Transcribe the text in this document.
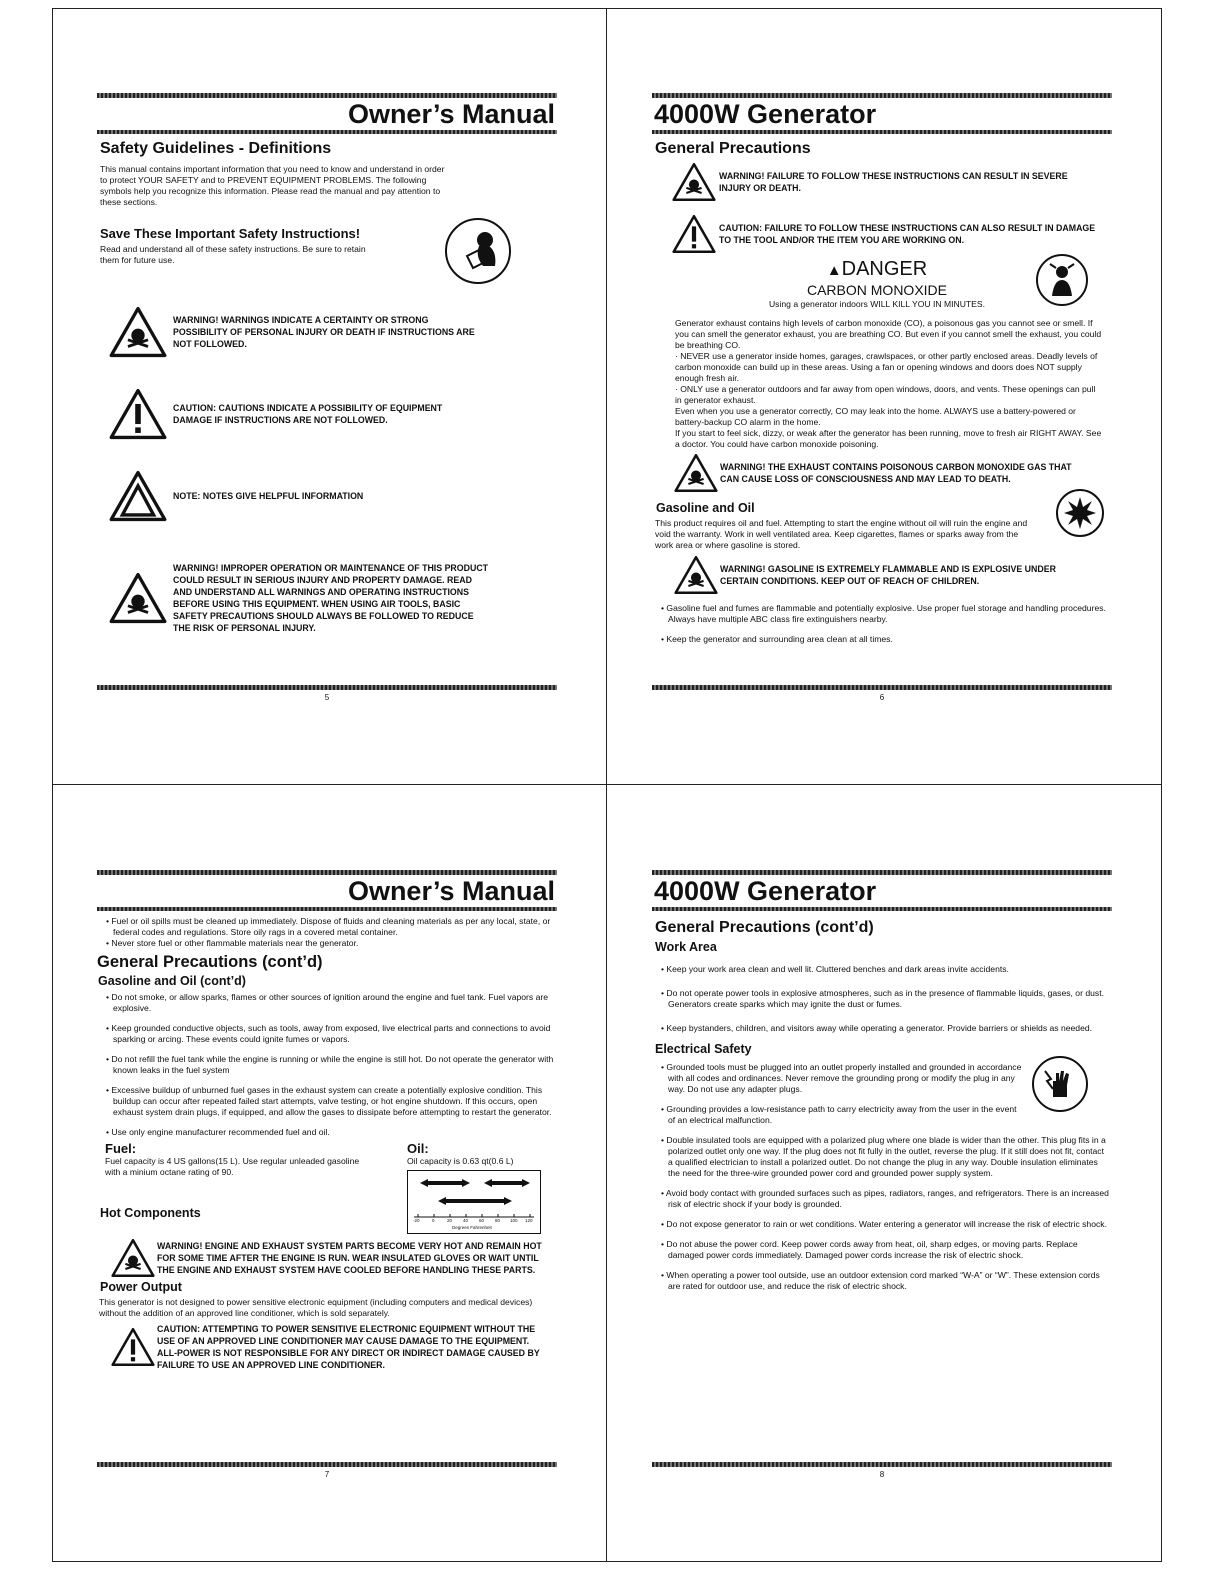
Owner’s Manual
Safety Guidelines - Definitions
This manual contains important information that you need to know and understand in order to protect YOUR SAFETY and to PREVENT EQUIPMENT PROBLEMS. The following symbols help you recognize this information. Please read the manual and pay attention to these sections.
Save These Important Safety Instructions!
Read and understand all of these safety instructions. Be sure to retain them for future use.
WARNING! WARNINGS INDICATE A CERTAINTY OR STRONG POSSIBILITY OF PERSONAL INJURY OR DEATH IF INSTRUCTIONS ARE NOT FOLLOWED.
CAUTION: CAUTIONS INDICATE A POSSIBILITY OF EQUIPMENT DAMAGE IF INSTRUCTIONS ARE NOT FOLLOWED.
NOTE: NOTES GIVE HELPFUL INFORMATION
WARNING! IMPROPER OPERATION OR MAINTENANCE OF THIS PRODUCT COULD RESULT IN SERIOUS INJURY AND PROPERTY DAMAGE. READ AND UNDERSTAND ALL WARNINGS AND OPERATING INSTRUCTIONS BEFORE USING THIS EQUIPMENT. WHEN USING AIR TOOLS, BASIC SAFETY PRECAUTIONS SHOULD ALWAYS BE FOLLOWED TO REDUCE THE RISK OF PERSONAL INJURY.
5
4000W Generator
General Precautions
WARNING! FAILURE TO FOLLOW THESE INSTRUCTIONS CAN RESULT IN SEVERE INJURY OR DEATH.
CAUTION: FAILURE TO FOLLOW THESE INSTRUCTIONS CAN ALSO RESULT IN DAMAGE TO THE TOOL AND/OR THE ITEM YOU ARE WORKING ON.
▲DANGER
CARBON MONOXIDE
Using a generator indoors WILL KILL YOU IN MINUTES.
Generator exhaust contains high levels of carbon monoxide (CO), a poisonous gas you cannot see or smell. If you can smell the generator exhaust, you are breathing CO. But even if you cannot smell the exhaust, you could be breathing CO.
· NEVER use a generator inside homes, garages, crawlspaces, or other partly enclosed areas. Deadly levels of carbon monoxide can build up in these areas. Using a fan or opening windows and doors does NOT supply enough fresh air.
· ONLY use a generator outdoors and far away from open windows, doors, and vents. These openings can pull in generator exhaust.
Even when you use a generator correctly, CO may leak into the home. ALWAYS use a battery-powered or battery-backup CO alarm in the home.
If you start to feel sick, dizzy, or weak after the generator has been running, move to fresh air RIGHT AWAY. See a doctor. You could have carbon monoxide poisoning.
WARNING! THE EXHAUST CONTAINS POISONOUS CARBON MONOXIDE GAS THAT CAN CAUSE LOSS OF CONSCIOUSNESS AND MAY LEAD TO DEATH.
Gasoline and Oil
This product requires oil and fuel. Attempting to start the engine without oil will ruin the engine and void the warranty. Work in well ventilated area. Keep cigarettes, flames or sparks away from the work area or where gasoline is stored.
WARNING! GASOLINE IS EXTREMELY FLAMMABLE AND IS EXPLOSIVE UNDER CERTAIN CONDITIONS. KEEP OUT OF REACH OF CHILDREN.
• Gasoline fuel and fumes are flammable and potentially explosive. Use proper fuel storage and handling procedures. Always have multiple ABC class fire extinguishers nearby.
• Keep the generator and surrounding area clean at all times.
6
Owner’s Manual
• Fuel or oil spills must be cleaned up immediately. Dispose of fluids and cleaning materials as per any local, state, or federal codes and regulations. Store oily rags in a covered metal container.
• Never store fuel or other flammable materials near the generator.
General Precautions (cont’d)
Gasoline and Oil (cont’d)
• Do not smoke, or allow sparks, flames or other sources of ignition around the engine and fuel tank. Fuel vapors are explosive.
• Keep grounded conductive objects, such as tools, away from exposed, live electrical parts and connections to avoid sparking or arcing. These events could ignite fumes or vapors.
• Do not refill the fuel tank while the engine is running or while the engine is still hot. Do not operate the generator with known leaks in the fuel system
• Excessive buildup of unburned fuel gases in the exhaust system can create a potentially explosive condition. This buildup can occur after repeated failed start attempts, valve testing, or hot engine shutdown. If this occurs, open exhaust system drain plugs, if equipped, and allow the gases to dissipate before attempting to restart the generator.
• Use only engine manufacturer recommended fuel and oil.
Fuel:
Fuel capacity is 4 US gallons(15 L). Use regular unleaded gasoline with a minium octane rating of 90.
Hot Components
Oil:
Oil capacity is 0.63 qt(0.6 L)
5W-30	30
10W-30
-20	0	20 40 60 80 100 120
Degrees Fahrenheit
WARNING! ENGINE AND EXHAUST SYSTEM PARTS BECOME VERY HOT AND REMAIN HOT FOR SOME TIME AFTER THE ENGINE IS RUN. WEAR INSULATED GLOVES OR WAIT UNTIL THE ENGINE AND EXHAUST SYSTEM HAVE COOLED BEFORE HANDLING THESE PARTS.
Power Output
This generator is not designed to power sensitive electronic equipment (including computers and medical devices) without the addition of an approved line conditioner, which is sold separately.
CAUTION: ATTEMPTING TO POWER SENSITIVE ELECTRONIC EQUIPMENT WITHOUT THE USE OF AN APPROVED LINE CONDITIONER MAY CAUSE DAMAGE TO THE EQUIPMENT. ALL-POWER IS NOT RESPONSIBLE FOR ANY DIRECT OR INDIRECT DAMAGE CAUSED BY FAILURE TO USE AN APPROVED LINE CONDITIONER.
7
4000W Generator
General Precautions (cont’d)
Work Area
• Keep your work area clean and well lit. Cluttered benches and dark areas invite accidents.
• Do not operate power tools in explosive atmospheres, such as in the presence of flammable liquids, gases, or dust. Generators create sparks which may ignite the dust or fumes.
• Keep bystanders, children, and visitors away while operating a generator. Provide barriers or shields as needed.
Electrical Safety
• Grounded tools must be plugged into an outlet properly installed and grounded in accordance with all codes and ordinances. Never remove the grounding prong or modify the plug in any way. Do not use any adapter plugs.
• Grounding provides a low-resistance path to carry electricity away from the user in the event of an electrical malfunction.
• Double insulated tools are equipped with a polarized plug where one blade is wider than the other. This plug fits in a polarized outlet only one way. If the plug does not fit fully in the outlet, reverse the plug. If it still does not fit, contact a qualified electrician to install a polarized outlet. Do not change the plug in any way. Double insulation eliminates the need for the three-wire grounded power cord and grounded power supply system.
• Avoid body contact with grounded surfaces such as pipes, radiators, ranges, and refrigerators. There is an increased risk of electric shock if your body is grounded.
• Do not expose generator to rain or wet conditions. Water entering a generator will increase the risk of electric shock.
• Do not abuse the power cord. Keep power cords away from heat, oil, sharp edges, or moving parts. Replace damaged power cords immediately. Damaged power cords increase the risk of electric shock.
• When operating a power tool outside, use an outdoor extension cord marked “W-A” or “W”. These extension cords are rated for outdoor use, and reduce the risk of electric shock.
8
